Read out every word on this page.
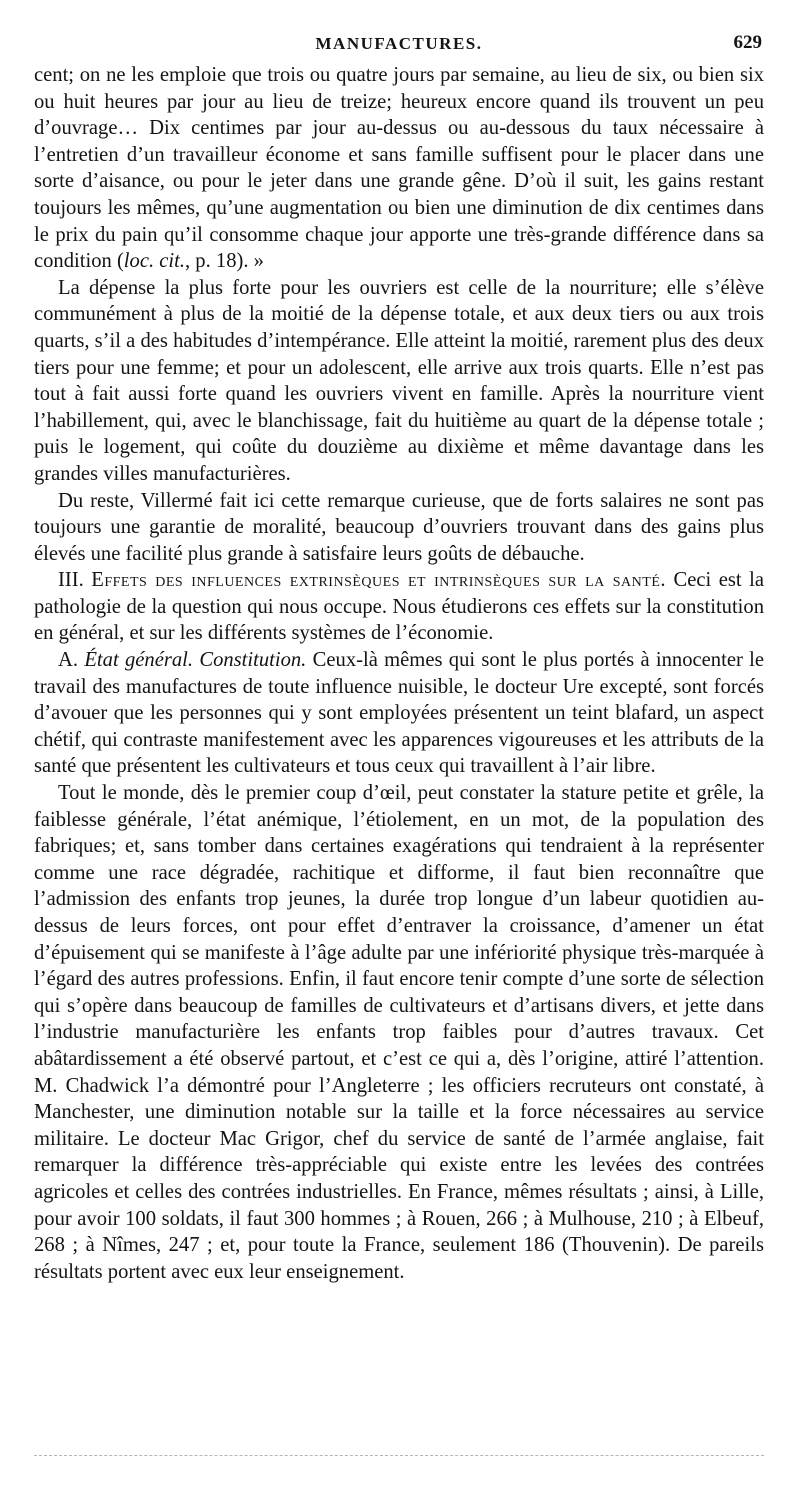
MANUFACTURES.	629

cent; on ne les emploie que trois ou quatre jours par semaine, au lieu de six, ou bien six ou huit heures par jour au lieu de treize; heureux encore quand ils trouvent un peu d’ouvrage… Dix centimes par jour au-dessus ou au-dessous du taux nécessaire à l’entretien d’un travailleur économe et sans famille suffisent pour le placer dans une sorte d’aisance, ou pour le jeter dans une grande gêne. D’où il suit, les gains restant toujours les mêmes, qu’une augmentation ou bien une diminution de dix centimes dans le prix du pain qu’il consomme chaque jour apporte une très-grande différence dans sa condition (loc. cit., p. 18). »

La dépense la plus forte pour les ouvriers est celle de la nourriture; elle s’élève communément à plus de la moitié de la dépense totale, et aux deux tiers ou aux trois quarts, s’il a des habitudes d’intempérance. Elle atteint la moitié, rarement plus des deux tiers pour une femme; et pour un adolescent, elle arrive aux trois quarts. Elle n’est pas tout à fait aussi forte quand les ouvriers vivent en famille. Après la nourriture vient l’habillement, qui, avec le blanchissage, fait du huitième au quart de la dépense totale ; puis le logement, qui coûte du douzième au dixième et même davantage dans les grandes villes manufacturières.

Du reste, Villermé fait ici cette remarque curieuse, que de forts salaires ne sont pas toujours une garantie de moralité, beaucoup d’ouvriers trouvant dans des gains plus élevés une facilité plus grande à satisfaire leurs goûts de débauche.

III. Effets des influences extrinsèques et intrinsèques sur la santé. Ceci est la pathologie de la question qui nous occupe. Nous étudierons ces effets sur la constitution en général, et sur les différents systèmes de l’économie.

A. État général. Constitution. Ceux-là mêmes qui sont le plus portés à innocenter le travail des manufactures de toute influence nuisible, le docteur Ure excepté, sont forcés d’avouer que les personnes qui y sont employées présentent un teint blafard, un aspect chétif, qui contraste manifestement avec les apparences vigoureuses et les attributs de la santé que présentent les cultivateurs et tous ceux qui travaillent à l’air libre.

Tout le monde, dès le premier coup d’œil, peut constater la stature petite et grêle, la faiblesse générale, l’état anémique, l’étiolement, en un mot, de la population des fabriques; et, sans tomber dans certaines exagérations qui tendraient à la représenter comme une race dégradée, rachitique et difforme, il faut bien reconnaître que l’admission des enfants trop jeunes, la durée trop longue d’un labeur quotidien au-dessus de leurs forces, ont pour effet d’entraver la croissance, d’amener un état d’épuisement qui se manifeste à l’âge adulte par une infériorité physique très-marquée à l’égard des autres professions. Enfin, il faut encore tenir compte d’une sorte de sélection qui s’opère dans beaucoup de familles de cultivateurs et d’artisans divers, et jette dans l’industrie manufacturière les enfants trop faibles pour d’autres travaux. Cet abâtardissement a été observé partout, et c’est ce qui a, dès l’origine, attiré l’attention. M. Chadwick l’a démontré pour l’Angleterre ; les officiers recruteurs ont constaté, à Manchester, une diminution notable sur la taille et la force nécessaires au service militaire. Le docteur Mac Grigor, chef du service de santé de l’armée anglaise, fait remarquer la différence très-appréciable qui existe entre les levées des contrées agricoles et celles des contrées industrielles. En France, mêmes résultats ; ainsi, à Lille, pour avoir 100 soldats, il faut 300 hommes ; à Rouen, 266 ; à Mulhouse, 210 ; à Elbeuf, 268 ; à Nîmes, 247 ; et, pour toute la France, seulement 186 (Thouvenin). De pareils résultats portent avec eux leur enseignement.
